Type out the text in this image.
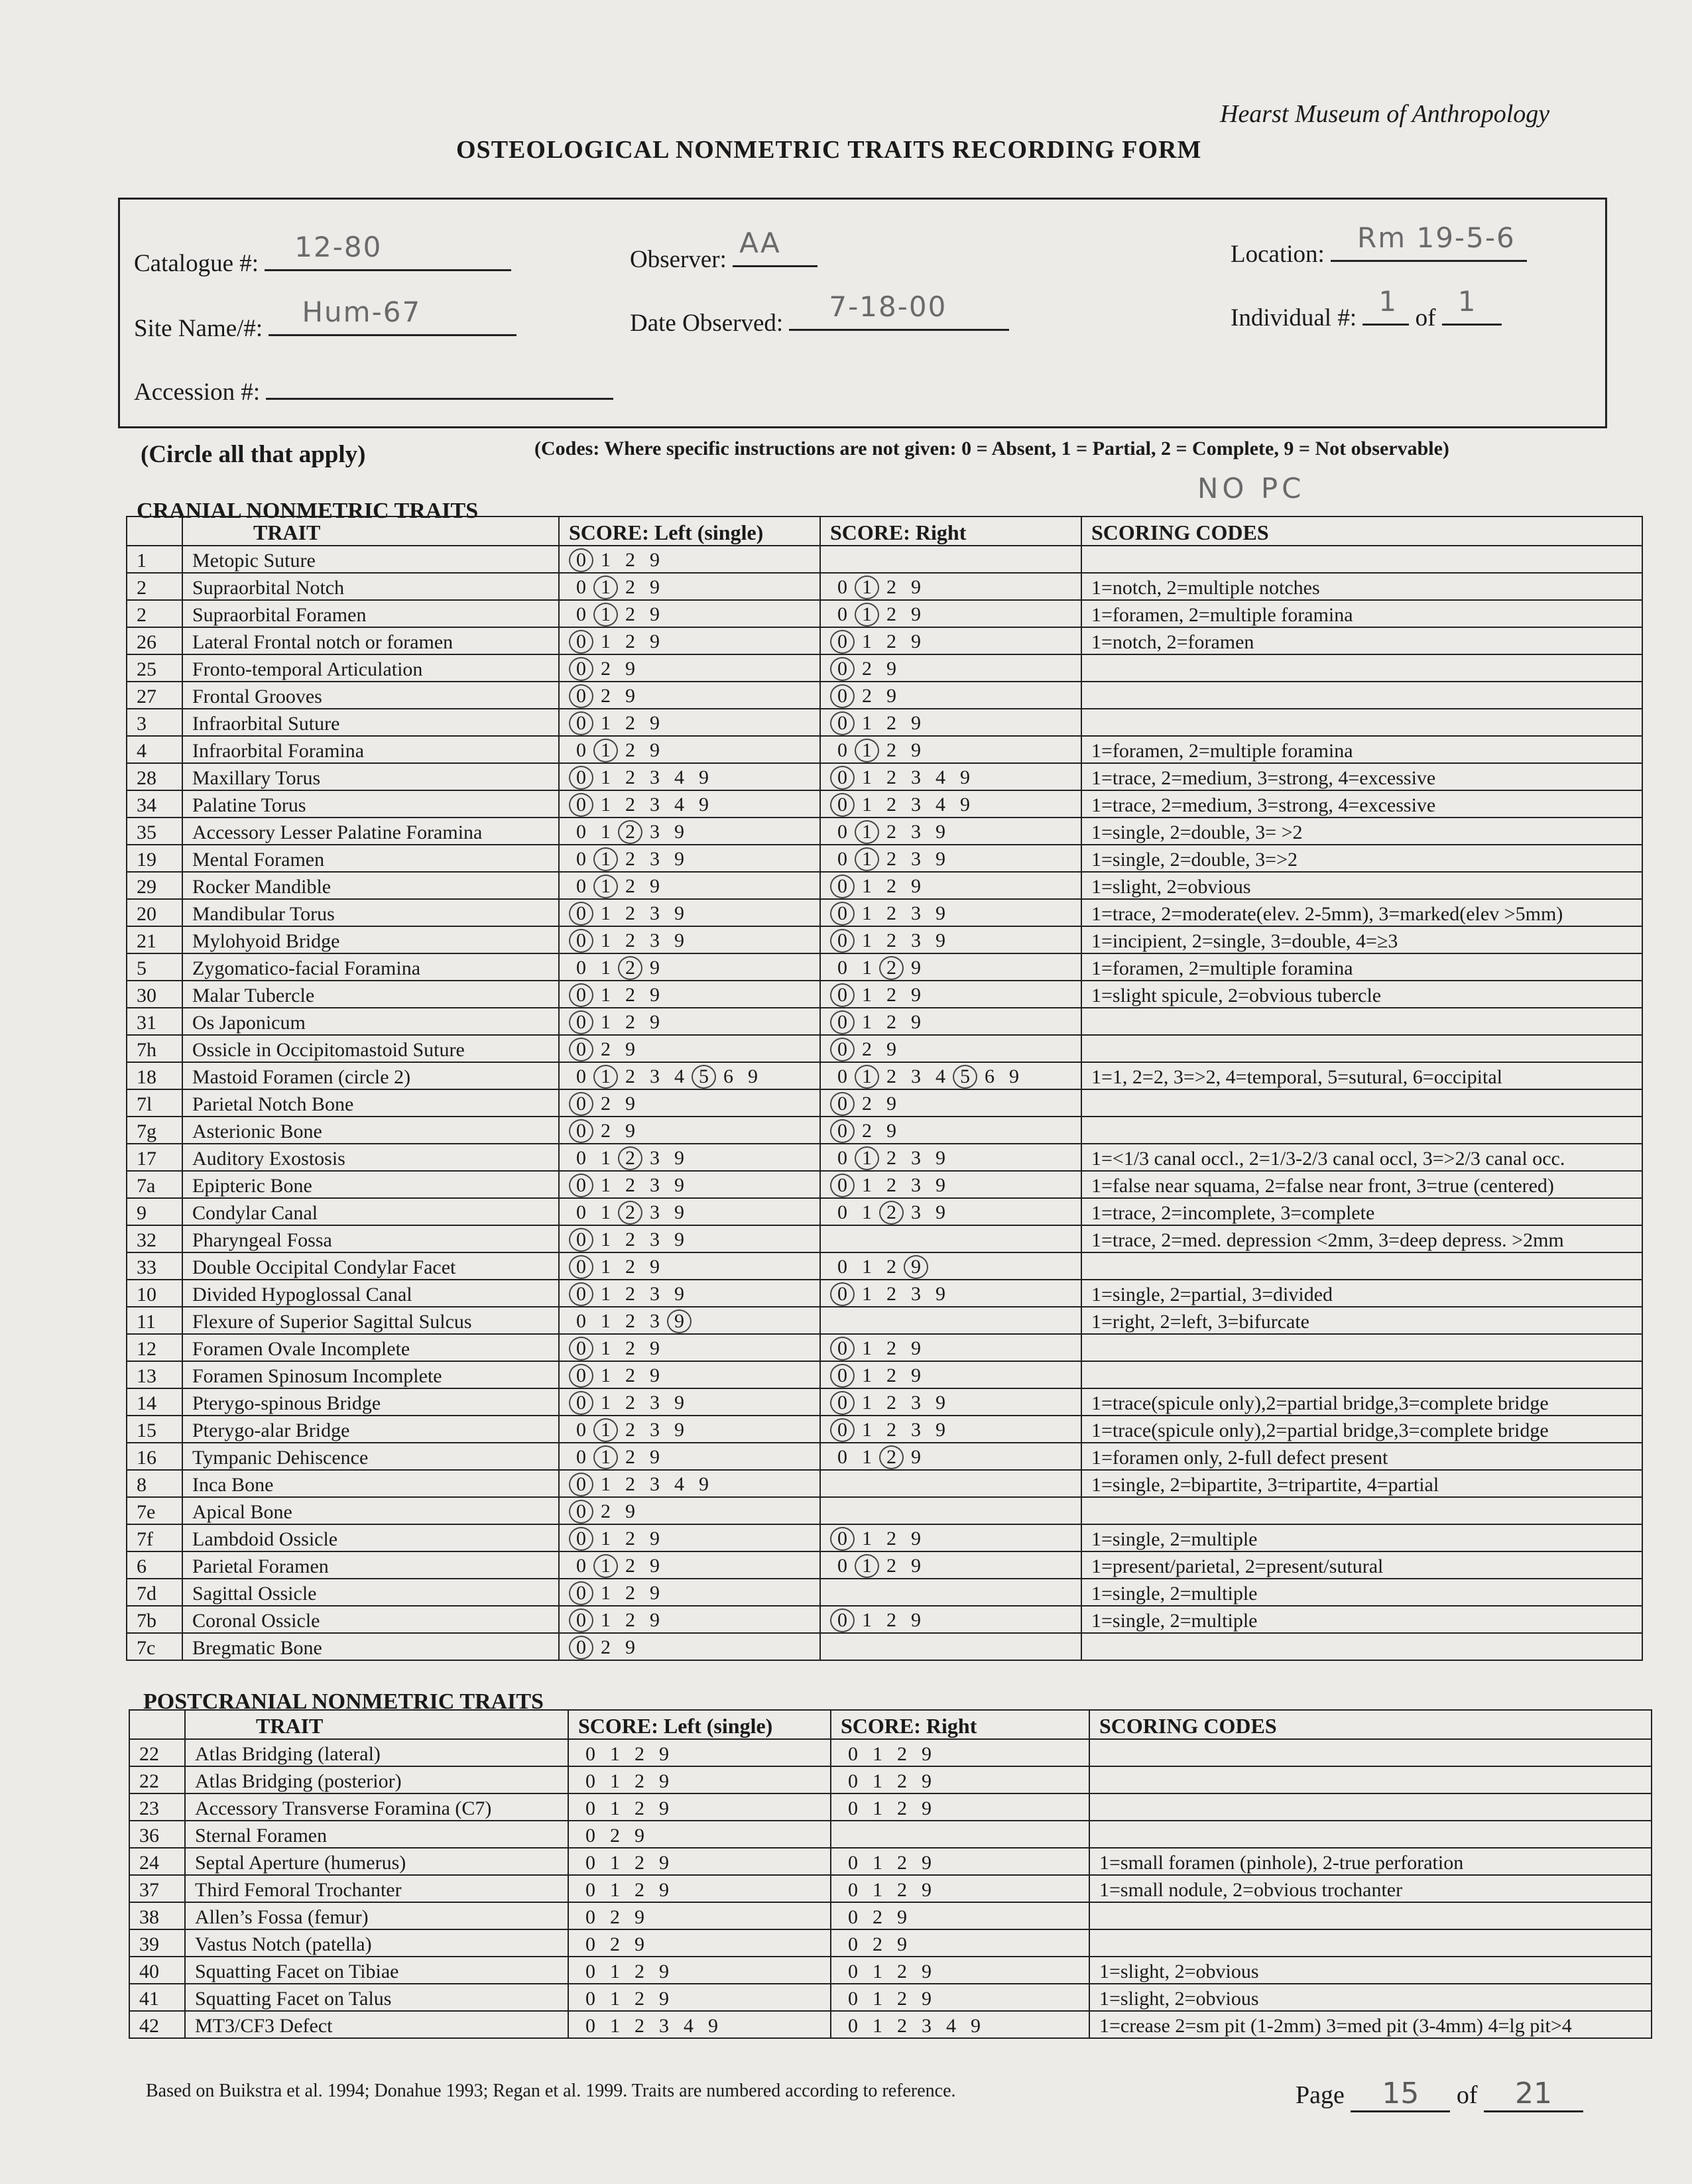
Hearst Museum of Anthropology
OSTEOLOGICAL NONMETRIC TRAITS RECORDING FORM
Catalogue #:
12-80	Observer:
AA	Location:
Rm 19-5-6
Site Name/#:
Hum-67	Date Observed:
7-18-00	Individual #:
1
of
1
Accession #:
(Circle all that apply)	(Codes: Where specific instructions are not given: 0 = Absent, 1 = Partial, 2 = Complete, 9 = Not observable)
NO PC
CRANIAL NONMETRIC TRAITS
	TRAIT	SCORE: Left (single)	SCORE: Right	SCORING CODES
1	Metopic Suture	0 1 2 9		
2	Supraorbital Notch	0 1 2 9	0 1 2 9	1=notch, 2=multiple notches
2	Supraorbital Foramen	0 1 2 9	0 1 2 9	1=foramen, 2=multiple foramina
26	Lateral Frontal notch or foramen	0 1 2 9	0 1 2 9	1=notch, 2=foramen
25	Fronto-temporal Articulation	0 2 9	0 2 9	
27	Frontal Grooves	0 2 9	0 2 9	
3	Infraorbital Suture	0 1 2 9	0 1 2 9	
4	Infraorbital Foramina	0 1 2 9	0 1 2 9	1=foramen, 2=multiple foramina
28	Maxillary Torus	0 1 2 3 4 9	0 1 2 3 4 9	1=trace, 2=medium, 3=strong, 4=excessive
34	Palatine Torus	0 1 2 3 4 9	0 1 2 3 4 9	1=trace, 2=medium, 3=strong, 4=excessive
35	Accessory Lesser Palatine Foramina	0 1 2 3 9	0 1 2 3 9	1=single, 2=double, 3= >2
19	Mental Foramen	0 1 2 3 9	0 1 2 3 9	1=single, 2=double, 3=>2
29	Rocker Mandible	0 1 2 9	0 1 2 9	1=slight, 2=obvious
20	Mandibular Torus	0 1 2 3 9	0 1 2 3 9	1=trace, 2=moderate(elev. 2-5mm), 3=marked(elev >5mm)
21	Mylohyoid Bridge	0 1 2 3 9	0 1 2 3 9	1=incipient, 2=single, 3=double, 4=≥3
5	Zygomatico-facial Foramina	0 1 2 9	0 1 2 9	1=foramen, 2=multiple foramina
30	Malar Tubercle	0 1 2 9	0 1 2 9	1=slight spicule, 2=obvious tubercle
31	Os Japonicum	0 1 2 9	0 1 2 9	
7h	Ossicle in Occipitomastoid Suture	0 2 9	0 2 9	
18	Mastoid Foramen (circle 2)	0 1 2 3 4 5 6 9	0 1 2 3 4 5 6 9	1=1, 2=2, 3=>2, 4=temporal, 5=sutural, 6=occipital
7l	Parietal Notch Bone	0 2 9	0 2 9	
7g	Asterionic Bone	0 2 9	0 2 9	
17	Auditory Exostosis	0 1 2 3 9	0 1 2 3 9	1=<1/3 canal occl., 2=1/3-2/3 canal occl, 3=>2/3 canal occ.
7a	Epipteric Bone	0 1 2 3 9	0 1 2 3 9	1=false near squama, 2=false near front, 3=true (centered)
9	Condylar Canal	0 1 2 3 9	0 1 2 3 9	1=trace, 2=incomplete, 3=complete
32	Pharyngeal Fossa	0 1 2 3 9		1=trace, 2=med. depression <2mm, 3=deep depress. >2mm
33	Double Occipital Condylar Facet	0 1 2 9	0 1 2 9	
10	Divided Hypoglossal Canal	0 1 2 3 9	0 1 2 3 9	1=single, 2=partial, 3=divided
11	Flexure of Superior Sagittal Sulcus	0 1 2 3 9		1=right, 2=left, 3=bifurcate
12	Foramen Ovale Incomplete	0 1 2 9	0 1 2 9	
13	Foramen Spinosum Incomplete	0 1 2 9	0 1 2 9	
14	Pterygo-spinous Bridge	0 1 2 3 9	0 1 2 3 9	1=trace(spicule only),2=partial bridge,3=complete bridge
15	Pterygo-alar Bridge	0 1 2 3 9	0 1 2 3 9	1=trace(spicule only),2=partial bridge,3=complete bridge
16	Tympanic Dehiscence	0 1 2 9	0 1 2 9	1=foramen only, 2-full defect present
8	Inca Bone	0 1 2 3 4 9		1=single, 2=bipartite, 3=tripartite, 4=partial
7e	Apical Bone	0 2 9		
7f	Lambdoid Ossicle	0 1 2 9	0 1 2 9	1=single, 2=multiple
6	Parietal Foramen	0 1 2 9	0 1 2 9	1=present/parietal, 2=present/sutural
7d	Sagittal Ossicle	0 1 2 9		1=single, 2=multiple
7b	Coronal Ossicle	0 1 2 9	0 1 2 9	1=single, 2=multiple
7c	Bregmatic Bone	0 2 9		
POSTCRANIAL NONMETRIC TRAITS
	TRAIT	SCORE: Left (single)	SCORE: Right	SCORING CODES
22	Atlas Bridging (lateral)	0 1 2 9	0 1 2 9	
22	Atlas Bridging (posterior)	0 1 2 9	0 1 2 9	
23	Accessory Transverse Foramina (C7)	0 1 2 9	0 1 2 9	
36	Sternal Foramen	0 2 9		
24	Septal Aperture (humerus)	0 1 2 9	0 1 2 9	1=small foramen (pinhole), 2-true perforation
37	Third Femoral Trochanter	0 1 2 9	0 1 2 9	1=small nodule, 2=obvious trochanter
38	Allen’s Fossa (femur)	0 2 9	0 2 9	
39	Vastus Notch (patella)	0 2 9	0 2 9	
40	Squatting Facet on Tibiae	0 1 2 9	0 1 2 9	1=slight, 2=obvious
41	Squatting Facet on Talus	0 1 2 9	0 1 2 9	1=slight, 2=obvious
42	MT3/CF3 Defect	0 1 2 3 4 9	0 1 2 3 4 9	1=crease 2=sm pit (1-2mm) 3=med pit (3-4mm) 4=lg pit>4
Based on Buikstra et al. 1994; Donahue 1993; Regan et al. 1999. Traits are numbered according to reference.	Page 15 of 21
